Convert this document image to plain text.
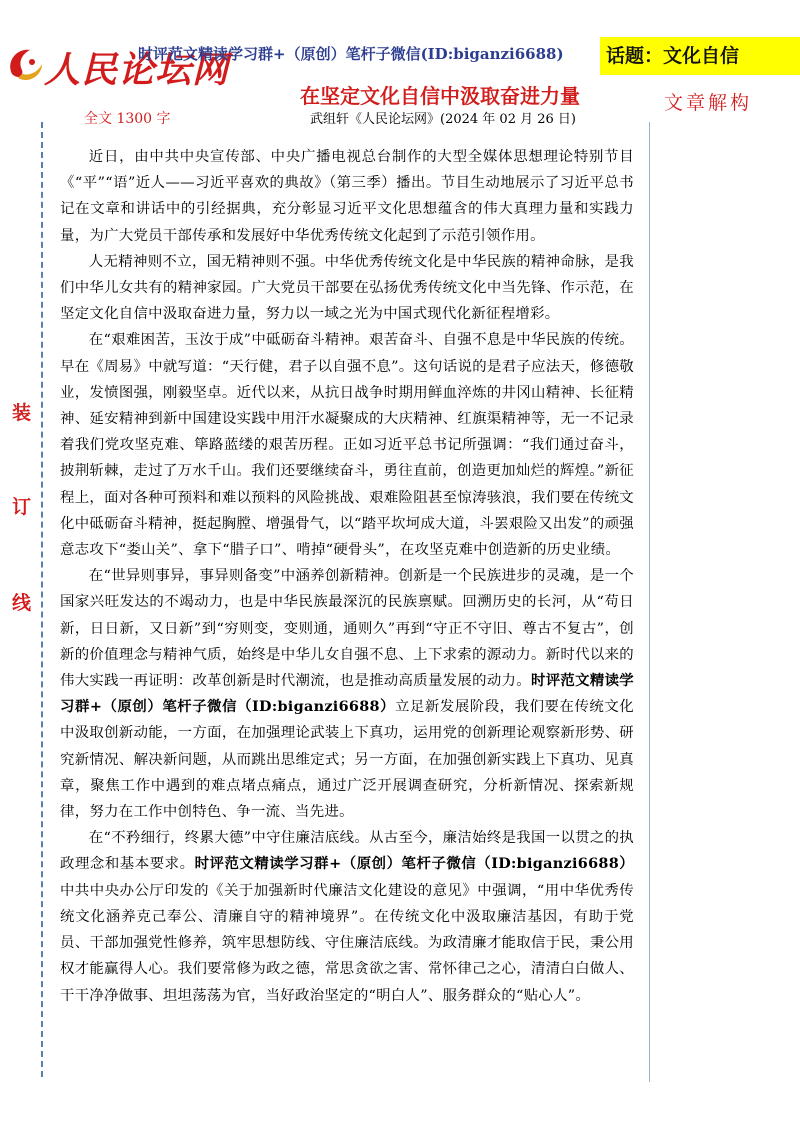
人民论坛网
时评范文精读学习群+（原创）笔杆子微信(ID:biganzi6688)	话题：文化自信
在坚定文化自信中汲取奋进力量	文章解构
全文 1300 字	武组轩《人民论坛网》(2024 年 02 月 26 日)
装
订
线

近日，由中共中央宣传部、中央广播电视总台制作的大型全媒体思想理论特别节目《“平”“语”近人——习近平喜欢的典故》（第三季）播出。节目生动地展示了习近平总书记在文章和讲话中的引经据典，充分彰显习近平文化思想蕴含的伟大真理力量和实践力量，为广大党员干部传承和发展好中华优秀传统文化起到了示范引领作用。

人无精神则不立，国无精神则不强。中华优秀传统文化是中华民族的精神命脉，是我们中华儿女共有的精神家园。广大党员干部要在弘扬优秀传统文化中当先锋、作示范，在坚定文化自信中汲取奋进力量，努力以一域之光为中国式现代化新征程增彩。

在“艰难困苦，玉汝于成”中砥砺奋斗精神。艰苦奋斗、自强不息是中华民族的传统。早在《周易》中就写道：“天行健，君子以自强不息”。这句话说的是君子应法天，修德敬业，发愤图强，刚毅坚卓。近代以来，从抗日战争时期用鲜血淬炼的井冈山精神、长征精神、延安精神到新中国建设实践中用汗水凝聚成的大庆精神、红旗渠精神等，无一不记录着我们党攻坚克难、筚路蓝缕的艰苦历程。正如习近平总书记所强调：“我们通过奋斗，披荆斩棘，走过了万水千山。我们还要继续奋斗，勇往直前，创造更加灿烂的辉煌。”新征程上，面对各种可预料和难以预料的风险挑战、艰难险阻甚至惊涛骇浪，我们要在传统文化中砥砺奋斗精神，挺起胸膛、增强骨气，以“踏平坎坷成大道，斗罢艰险又出发”的顽强意志攻下“娄山关”、拿下“腊子口”、啃掉“硬骨头”，在攻坚克难中创造新的历史业绩。

在“世异则事异，事异则备变”中涵养创新精神。创新是一个民族进步的灵魂，是一个国家兴旺发达的不竭动力，也是中华民族最深沉的民族禀赋。回溯历史的长河，从“苟日新，日日新，又日新”到“穷则变，变则通，通则久”再到“守正不守旧、尊古不复古”，创新的价值理念与精神气质，始终是中华儿女自强不息、上下求索的源动力。新时代以来的伟大实践一再证明：改革创新是时代潮流，也是推动高质量发展的动力。时评范文精读学习群+（原创）笔杆子微信（ID:biganzi6688）立足新发展阶段，我们要在传统文化中汲取创新动能，一方面，在加强理论武装上下真功，运用党的创新理论观察新形势、研究新情况、解决新问题，从而跳出思维定式；另一方面，在加强创新实践上下真功、见真章，聚焦工作中遇到的难点堵点痛点，通过广泛开展调查研究，分析新情况、探索新规律，努力在工作中创特色、争一流、当先进。

在“不矜细行，终累大德”中守住廉洁底线。从古至今，廉洁始终是我国一以贯之的执政理念和基本要求。时评范文精读学习群+（原创）笔杆子微信（ID:biganzi6688）中共中央办公厅印发的《关于加强新时代廉洁文化建设的意见》中强调，“用中华优秀传统文化涵养克己奉公、清廉自守的精神境界”。在传统文化中汲取廉洁基因，有助于党员、干部加强党性修养，筑牢思想防线、守住廉洁底线。为政清廉才能取信于民，秉公用权才能赢得人心。我们要常修为政之德，常思贪欲之害、常怀律己之心，清清白白做人、干干净净做事、坦坦荡荡为官，当好政治坚定的“明白人”、服务群众的“贴心人”。
